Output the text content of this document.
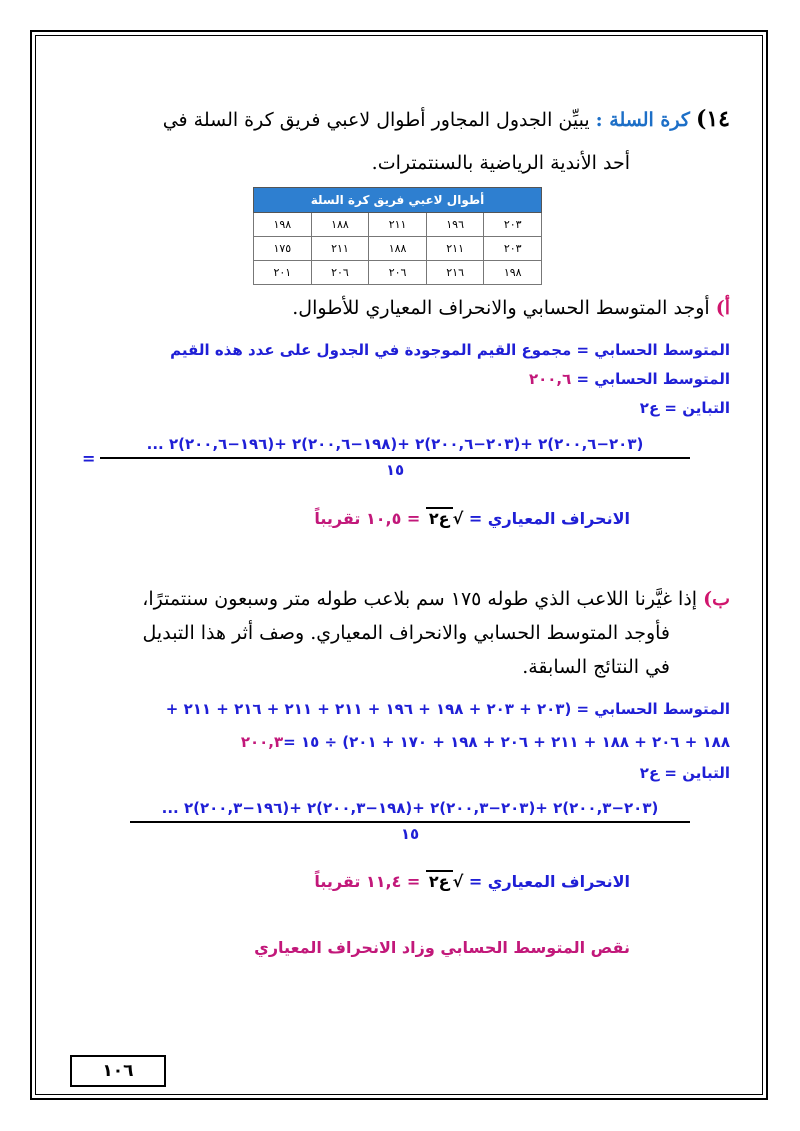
١٤) كرة السلة : يبيِّن الجدول المجاور أطوال لاعبي فريق كرة السلة في
أحد الأندية الرياضية بالسنتمترات.
أطوال لاعبي فريق كرة السلة				
٢٠٣	١٩٦	٢١١	١٨٨	١٩٨
٢٠٣	٢١١	١٨٨	٢١١	١٧٥
١٩٨	٢١٦	٢٠٦	٢٠٦	٢٠١
أ) أوجد المتوسط الحسابي والانحراف المعياري للأطوال.
المتوسط الحسابي = مجموع القيم الموجودة في الجدول على عدد هذه القيم
المتوسط الحسابي = ٢٠٠,٦
التباين = ع٢
(٢٠٣−٢٠٠,٦)٢ +(٢٠٣−٢٠٠,٦)٢ +(١٩٨−٢٠٠,٦)٢ +(١٩٦−٢٠٠,٦)٢ ...
١٥
=
الانحراف المعياري = √ع٢ = ١٠,٥ تقريباً
ب) إذا غيَّرنا اللاعب الذي طوله ١٧٥ سم بلاعب طوله متر وسبعون سنتمترًا،
فأوجد المتوسط الحسابي والانحراف المعياري. وصف أثر هذا التبديل
في النتائج السابقة.
المتوسط الحسابي = (٢٠٣ + ٢٠٣ + ١٩٨ + ١٩٦ + ٢١١ + ٢١١ + ٢١٦ + ٢١١ +
١٨٨ + ٢٠٦ + ١٨٨ + ٢١١ + ٢٠٦ + ١٩٨ + ١٧٠ + ٢٠١) ÷ ١٥ =٢٠٠,٣
التباين = ع٢
(٢٠٣−٢٠٠,٣)٢ +(٢٠٣−٢٠٠,٣)٢ +(١٩٨−٢٠٠,٣)٢ +(١٩٦−٢٠٠,٣)٢ ...
١٥
الانحراف المعياري = √ع٢ = ١١,٤ تقريباً
نقص المتوسط الحسابي وزاد الانحراف المعياري
١٠٦
